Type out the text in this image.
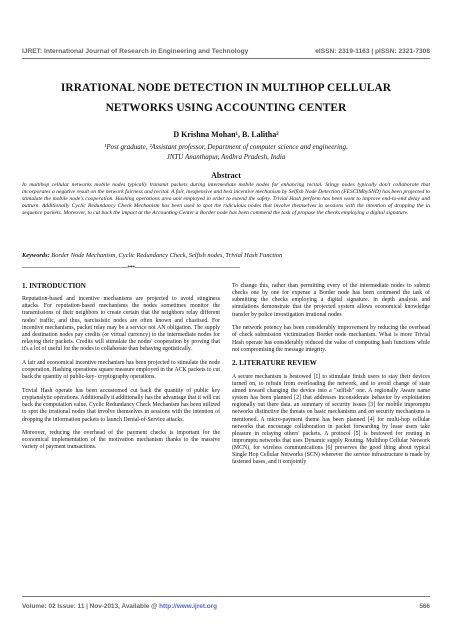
IJRET: International Journal of Research in Engineering and Technology	eISSN: 2319-1163 | pISSN: 2321-7308
IRRATIONAL NODE DETECTION IN MULTIHOP CELLULAR
NETWORKS USING ACCOUNTING CENTER
D Krishna Mohan¹, B. Lalitha²
¹Post graduate, ²Assistant professor, Department of computer science and engineering,
JNTU Ananthapur, Andhra Pradesh, India
Abstract
In multihop cellular networks mobile nodes typically transmit packets during intermediate mobile nodes for enhancing recital. Stingy nodes typically don't collaborate that incorporates a negative result on the network fairness and recital. A fair, inexpensive and best incentive mechanism by Selfish Node Detection (FESCIMbySND) has been projected to stimulate the mobile node's cooperation. Hashing operations area unit employed in order to extend the safety. Trivial Hash perform has been wont to improve end-to-end delay and outturn. Additionally Cyclic Redundancy Check Mechanism has been used to spot the ridiculous nodes that involve themselves in sessions with the intention of dropping the in sequence packets. Moreover, to cut back the impact at the Accounting Center a Border node has been commend the task of propose the checks employing a digital signature.
Keywords: Border Node Mechanism, Cyclic Redundancy Check, Selfish nodes, Trivial Hash Function
------------------------------------------------------------------------***------------------------------------------------------------------------
1. INTRODUCTION

Reputation-based and incentive mechanisms are projected to avoid stinginess attacks. For reputation-based mechanisms the nodes sometimes monitor the transmissions of their neighbors to create certain that the neighbors relay different nodes' traffic, and thus, narcissistic nodes are often known and chastised. For incentive mechanisms, packet relay may be a service not AN obligation. The supply and destination nodes pay credits (or virtual currency) to the intermediate nodes for relaying their packets. Credits will stimulate the nodes' cooperation by proving that it's a lot of useful for the nodes to collaborate than behaving egotistically.

A fair and economical incentive mechanism has been projected to stimulate the node cooperation. Hashing operations square measure employed in the ACK packets to cut back the quantity of public-key- cryptography operations.

Trivial Hash operate has been accustomed cut back the quantity of public key cryptanalytic operations. Additionally it additionally has the advantage that it will cut back the computation value. Cyclic Redundancy Check Mechanism has been utilized to spot the irrational nodes that involve themselves in sessions with the intention of dropping the information packets to launch Denial-of-Service attacks.

Moreover, reducing the overhead of the payment checks is important for the economical implementation of the motivation mechanism thanks to the massive variety of payment transactions.

To change this, rather than permitting every of the intermediate nodes to submit checks one by one for expense a Border node has been commend the task of submitting the checks employing a digital signature. in depth analysis and simulations demonstrate that the projected system allows economical knowledge transfer by police investigation irrational nodes

The network potency has been considerably improvement by reducing the overhead of check submission victimization Border node mechanism. What is more Trivial Hash operate has considerably reduced the value of computing hash functions while not compromising the message integrity.

2. LITERATURE REVIEW

A secure mechanism is bestowed [1] to stimulate finish users to stay their devices turned on, to refrain from overloading the network, and to avoid change of state aimed toward changing the device into a "selfish" one. A regionally Aware name system has been planned [2] that addresses inconsiderate behavior by exploitation regionally out there data. an summary of security issues [3] for mobile impromptu networks distinctive the threats on basic mechanisms and on security mechanisms is mentioned. A micro-payment theme has been planned [4] for multi-hop cellular networks that encourage collaboration in packet forwarding by lease users take pleasure in relaying others' packets. A protocol [5] is bestowed for routing in impromptu networks that uses Dynamic supply Routing. Multihop Cellular Network (MCN), for wireless communications [6] preserves the good thing about typical Single Hop Cellular Networks (SCN) wherever the service infrastructure is made by fastened bases, and it conjointly

Volume: 02 Issue: 11 | Nov-2013, Available @ http://www.ijret.org	566
